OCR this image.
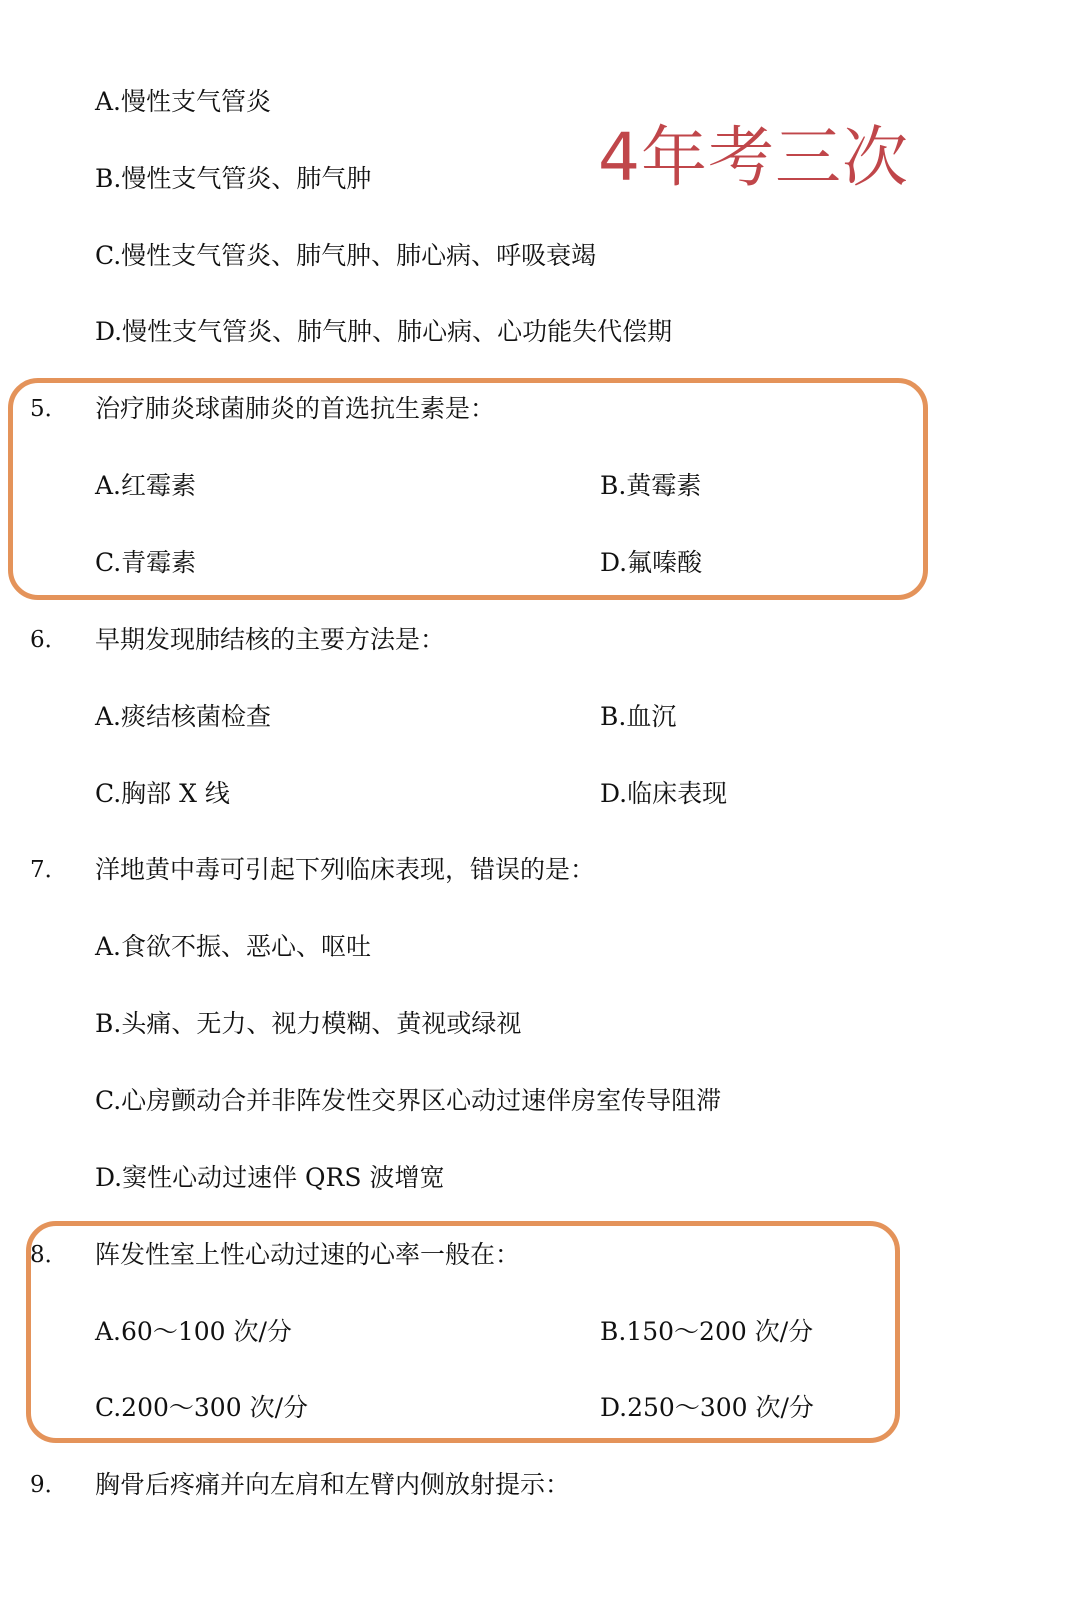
A.慢性支气管炎
B.慢性支气管炎、肺气肿
C.慢性支气管炎、肺气肿、肺心病、呼吸衰竭
D.慢性支气管炎、肺气肿、肺心病、心功能失代偿期
4年考三次
5． 治疗肺炎球菌肺炎的首选抗生素是：
A.红霉素	B.黄霉素
C.青霉素	D.氟嗪酸
6． 早期发现肺结核的主要方法是：
A.痰结核菌检查	B.血沉
C.胸部 X 线	D.临床表现
7． 洋地黄中毒可引起下列临床表现，错误的是：
A.食欲不振、恶心、呕吐
B.头痛、无力、视力模糊、黄视或绿视
C.心房颤动合并非阵发性交界区心动过速伴房室传导阻滞
D.窦性心动过速伴 QRS 波增宽
8． 阵发性室上性心动过速的心率一般在：
A.60～100 次/分	B.150～200 次/分
C.200～300 次/分	D.250～300 次/分
9． 胸骨后疼痛并向左肩和左臂内侧放射提示：
